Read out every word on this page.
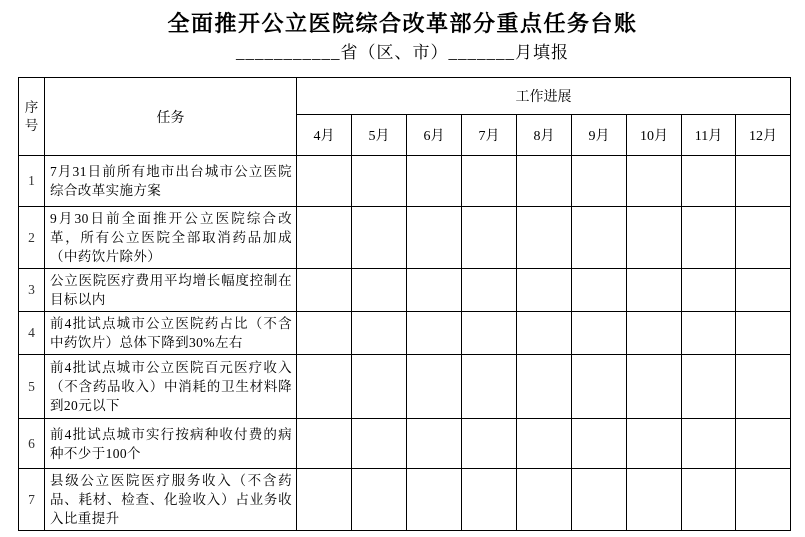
全面推开公立医院综合改革部分重点任务台账
___________省（区、市）_______月填报
序号	任务	工作进展								
		4月	5月	6月	7月	8月	9月	10月	11月	12月
1	7月31日前所有地市出台城市公立医院综合改革实施方案									
2	9月30日前全面推开公立医院综合改革，所有公立医院全部取消药品加成（中药饮片除外）									
3	公立医院医疗费用平均增长幅度控制在目标以内									
4	前4批试点城市公立医院药占比（不含中药饮片）总体下降到30%左右									
5	前4批试点城市公立医院百元医疗收入（不含药品收入）中消耗的卫生材料降到20元以下									
6	前4批试点城市实行按病种收付费的病种不少于100个									
7	县级公立医院医疗服务收入（不含药品、耗材、检查、化验收入）占业务收入比重提升									
